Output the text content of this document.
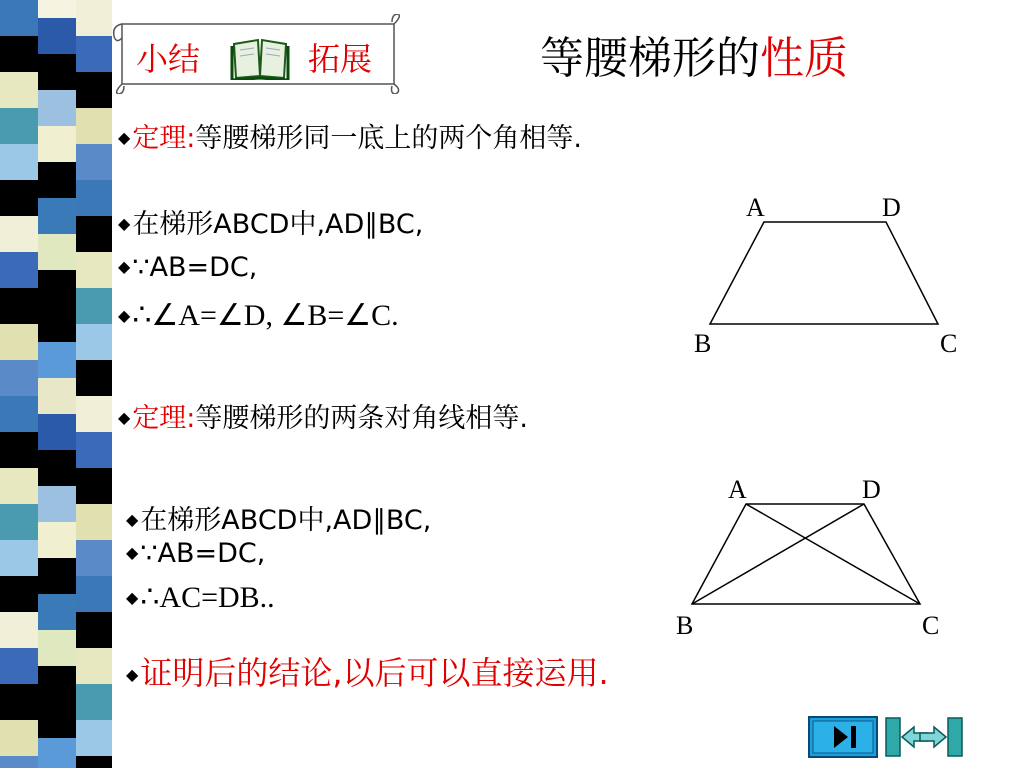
小结	拓展	等腰梯形的性质
◆定理:等腰梯形同一底上的两个角相等.
◆在梯形ABCD中,AD∥BC,
◆∵AB=DC,
◆∴∠A=∠D, ∠B=∠C.
A	D
B	C
◆定理:等腰梯形的两条对角线相等.
◆在梯形ABCD中,AD∥BC,
◆∵AB=DC,
◆∴AC=DB..
A	D
B	C
◆证明后的结论,以后可以直接运用.
